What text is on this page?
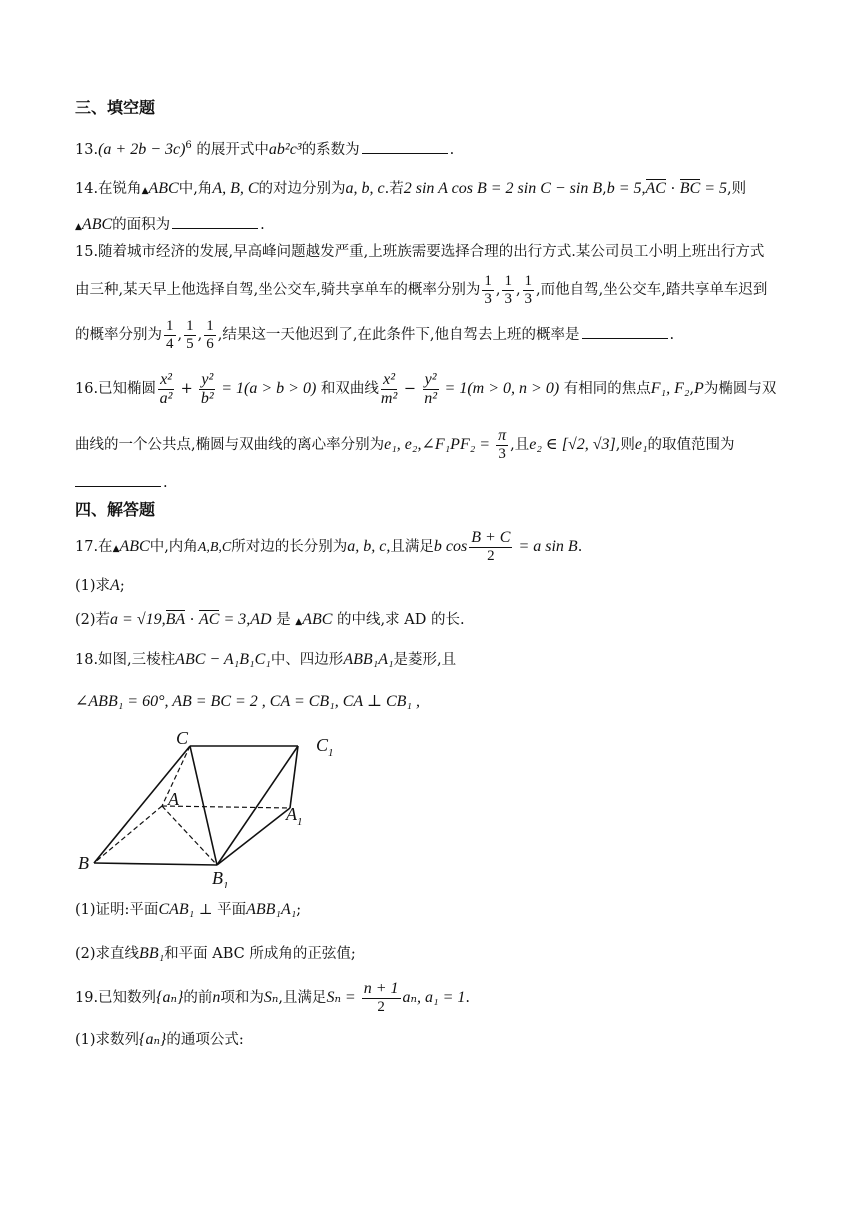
三、填空题
$13.(a + 2b - 3c)^6$ 的展开式中ab²c³的系数为	.
14.在锐角▲ABC中,角A, B, C的对边分别为a, b, c.若2 sin A cos B = 2 sin C − sin B,b = 5,AC · BC = 5,则
▲ABC的面积为	.
15.随着城市经济的发展,早高峰问题越发严重,上班族需要选择合理的出行方式.某公司员工小明上班出行方式
由三种,某天早上他选择自驾,坐公交车,骑共享单车的概率分别为 $\frac{1}{3}$ , $\frac{1}{3}$ , $\frac{1}{3}$ ,而他自驾,坐公交车,踏共享单车迟到
的概率分别为 $\frac{1}{4}$ , $\frac{1}{5}$ , $\frac{1}{6}$ ,结果这一天他迟到了,在此条件下,他自驾去上班的概率是	.
16.已知椭圆 $\frac{\text{x²}}{\text{a²}} + \frac{\text{y²}}{\text{b²}} = 1(a > b > 0)$ 和双曲线 $\frac{\text{x²}}{\text{m²}} - \frac{\text{y²}}{\text{n²}} = 1(m > 0$, n > 0) 有相同的焦点F₁, F₂,P为椭圆与双
曲线的一个公共点,椭圆与双曲线的离心率分别为e₁, e₂,∠F₁PF₂ = $\frac{\pi}{3}$ ,且e₂ ∈ [√2, √3],则e₁的取值范围为
.
四、解答题
17.在▲ABC中,内角A,B,C所对边的长分别为a, b, c,且满足b $\cos \frac{B + C}{2} = a$ sin B.
(1)求A;
(2)若a = √19,BA · AC = 3,AD 是 ▲ABC 的中线,求 AD 的长.
18.如图,三棱柱ABC − A₁B₁C₁中、四边形ABB₁A₁是菱形,且
∠ABB₁ = 60°, AB = BC = 2 , CA = CB₁, CA ⊥ CB₁ ,
C	$C_1$
A
$A_1$
B
$B_1$
(1)证明:平面CAB₁ ⊥ 平面ABB₁A₁;
(2)求直线BB₁和平面 ABC 所成角的正弦值;
19.已知数列{aₙ}的前n项和为Sₙ,且满足$S_n = \frac{n + 1}{2} a_n$, a₁ = 1.
(1)求数列{aₙ}的通项公式:
